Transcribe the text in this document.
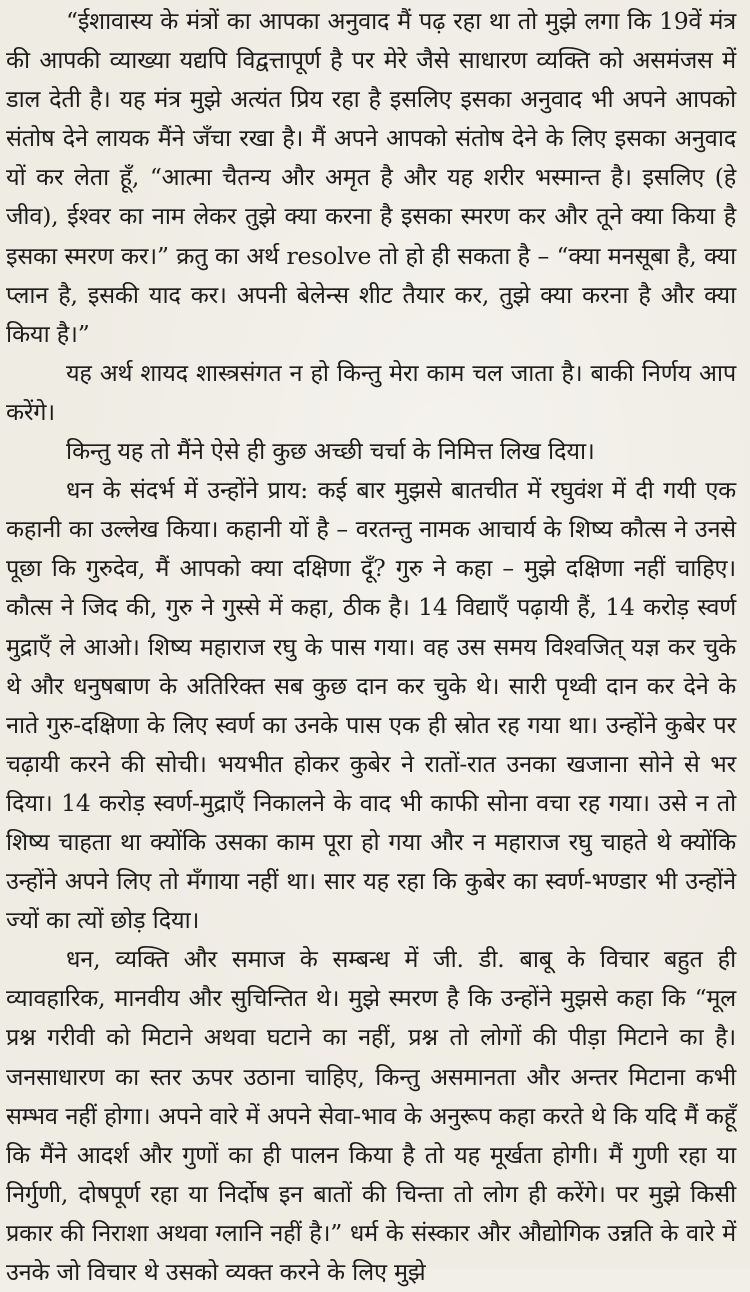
“ईशावास्य के मंत्रों का आपका अनुवाद मैं पढ़ रहा था तो मुझे लगा कि 19वें मंत्र की आपकी व्याख्या यद्यपि विद्वत्तापूर्ण है पर मेरे जैसे साधारण व्यक्ति को असमंजस में डाल देती है। यह मंत्र मुझे अत्यंत प्रिय रहा है इसलिए इसका अनुवाद भी अपने आपको संतोष देने लायक मैंने जँचा रखा है। मैं अपने आपको संतोष देने के लिए इसका अनुवाद यों कर लेता हूँ, “आत्मा चैतन्य और अमृत है और यह शरीर भस्मान्त है। इसलिए (हे जीव), ईश्वर का नाम लेकर तुझे क्या करना है इसका स्मरण कर और तूने क्या किया है इसका स्मरण कर।” क्रतु का अर्थ resolve तो हो ही सकता है – “क्या मनसूबा है, क्या प्लान है, इसकी याद कर। अपनी बेलेन्स शीट तैयार कर, तुझे क्या करना है और क्या किया है।”

यह अर्थ शायद शास्त्रसंगत न हो किन्तु मेरा काम चल जाता है। बाकी निर्णय आप करेंगे।

किन्तु यह तो मैंने ऐसे ही कुछ अच्छी चर्चा के निमित्त लिख दिया।

धन के संदर्भ में उन्होंने प्राय: कई बार मुझसे बातचीत में रघुवंश में दी गयी एक कहानी का उल्लेख किया। कहानी यों है – वरतन्तु नामक आचार्य के शिष्य कौत्स ने उनसे पूछा कि गुरुदेव, मैं आपको क्या दक्षिणा दूँ? गुरु ने कहा – मुझे दक्षिणा नहीं चाहिए। कौत्स ने जिद की, गुरु ने गुस्से में कहा, ठीक है। 14 विद्याएँ पढ़ायी हैं, 14 करोड़ स्वर्ण मुद्राएँ ले आओ। शिष्य महाराज रघु के पास गया। वह उस समय विश्वजित् यज्ञ कर चुके थे और धनुषबाण के अतिरिक्त सब कुछ दान कर चुके थे। सारी पृथ्वी दान कर देने के नाते गुरु-दक्षिणा के लिए स्वर्ण का उनके पास एक ही स्रोत रह गया था। उन्होंने कुबेर पर चढ़ायी करने की सोची। भयभीत होकर कुबेर ने रातों-रात उनका खजाना सोने से भर दिया। 14 करोड़ स्वर्ण-मुद्राएँ निकालने के वाद भी काफी सोना वचा रह गया। उसे न तो शिष्य चाहता था क्योंकि उसका काम पूरा हो गया और न महाराज रघु चाहते थे क्योंकि उन्होंने अपने लिए तो मँगाया नहीं था। सार यह रहा कि कुबेर का स्वर्ण-भण्डार भी उन्होंने ज्यों का त्यों छोड़ दिया।

धन, व्यक्ति और समाज के सम्बन्ध में जी. डी. बाबू के विचार बहुत ही व्यावहारिक, मानवीय और सुचिन्तित थे। मुझे स्मरण है कि उन्होंने मुझसे कहा कि “मूल प्रश्न गरीवी को मिटाने अथवा घटाने का नहीं, प्रश्न तो लोगों की पीड़ा मिटाने का है। जनसाधारण का स्तर ऊपर उठाना चाहिए, किन्तु असमानता और अन्तर मिटाना कभी सम्भव नहीं होगा। अपने वारे में अपने सेवा-भाव के अनुरूप कहा करते थे कि यदि मैं कहूँ कि मैंने आदर्श और गुणों का ही पालन किया है तो यह मूर्खता होगी। मैं गुणी रहा या निर्गुणी, दोषपूर्ण रहा या निर्दोष इन बातों की चिन्ता तो लोग ही करेंगे। पर मुझे किसी प्रकार की निराशा अथवा ग्लानि नहीं है।” धर्म के संस्कार और औद्योगिक उन्नति के वारे में उनके जो विचार थे उसको व्यक्त करने के लिए मुझे
